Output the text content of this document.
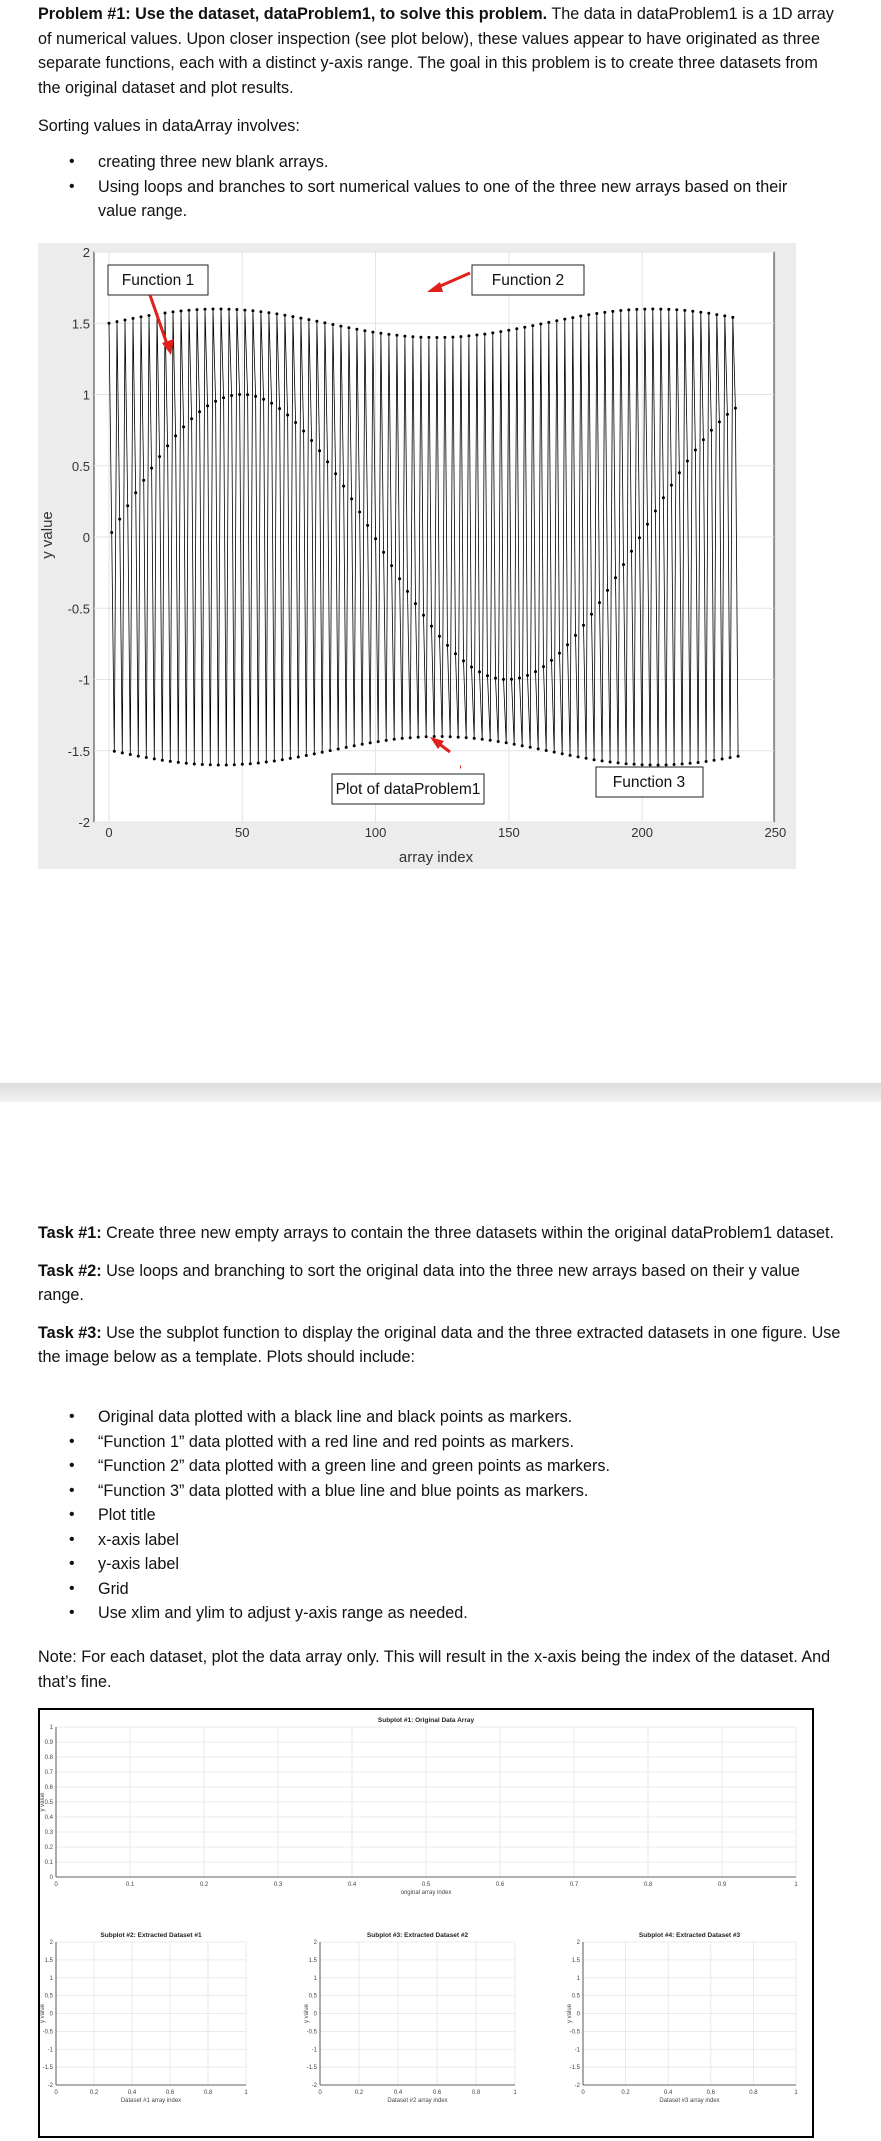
Problem #1: Use the dataset, dataProblem1, to solve this problem. The data in dataProblem1 is a 1D array of numerical values. Upon closer inspection (see plot below), these values appear to have originated as three separate functions, each with a distinct y-axis range. The goal in this problem is to create three datasets from the original dataset and plot results.

Sorting values in dataArray involves:

• creating three new blank arrays.
• Using loops and branches to sort numerical values to one of the three new arrays based on their value range.
0	50	100	150	200	250
-2
-1.5
-1
-0.5
0
0.5
1
1.5
2
array index
y value
Function 1	Function 2
Function 3
Plot of dataProblem1

Task #1: Create three new empty arrays to contain the three datasets within the original dataProblem1 dataset.

Task #2: Use loops and branching to sort the original data into the three new arrays based on their y value range.

Task #3: Use the subplot function to display the original data and the three extracted datasets in one figure. Use the image below as a template. Plots should include:

• Original data plotted with a black line and black points as markers.
• “Function 1” data plotted with a red line and red points as markers.
• “Function 2” data plotted with a green line and green points as markers.
• “Function 3” data plotted with a blue line and blue points as markers.
• Plot title
• x-axis label
• y-axis label
• Grid
• Use xlim and ylim to adjust y-axis range as needed.

Note: For each dataset, plot the data array only. This will result in the x-axis being the index of the dataset. And that’s fine.

0	0.1	0.2	0.3	0.4	0.5	0.6	0.7	0.8	0.9	1
0
0.1
0.2
0.3
0.4
0.5
0.6
0.7
0.8
0.9
1
Subplot #1: Original Data Array
original array index
y value
0	0.2	0.4	0.6	0.8	1
-2
-1.5
-1
-0.5
0
0.5
1
1.5
2
Subplot #2: Extracted Dataset #1
Dataset #1 array index
y value
0	0.2	0.4	0.6	0.8	1
-2
-1.5
-1
-0.5
0
0.5
1
1.5
2
Subplot #3: Extracted Dataset #2
Dataset #2 array index
y value
0	0.2	0.4	0.6	0.8	1
-2
-1.5
-1
-0.5
0
0.5
1
1.5
2
Subplot #4: Extracted Dataset #3
Dataset #3 array index
y value
